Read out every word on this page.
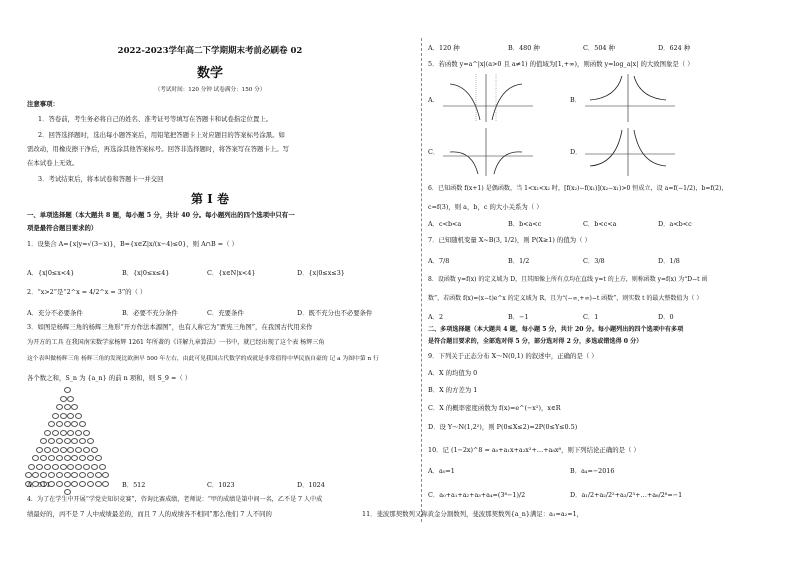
2022-2023学年高二下学期期末考前必刷卷 02
数学
（考试时间：120 分钟 试卷满分：150 分）
注意事项：
1．答卷前，考生务必将自己的姓名、准考证号等填写在答题卡和试卷指定位置上。
2．回答选择题时，选出每小题答案后，用铅笔把答题卡上对应题目的答案标号涂黑。如
需改动，用橡皮擦干净后，再选涂其他答案标号。回答非选择题时，将答案写在答题卡上。写
在本试卷上无效。
3．考试结束后，将本试卷和答题卡一并交回
第 I 卷
一、单项选择题（本大题共 8 题，每小题 5 分，共计 40 分。每小题列出的四个选项中只有一
项是最符合题目要求的）
1．设集合 A={x|y=√(3−x)}，B={x∈Z|x/(x−4)≤0}，则 A∩B =（ ）
A．{x|0≤x<4}	B．{x|0≤x≤4}	C．{x∈N|x<4}	D．{x|0≤x≤3}
2．“x>2”是“2^x = 4/2^x = 3”的（ ）
A．充分不必要条件	B．必要不充分条件	C．充要条件	D．既不充分也不必要条件
3．如图是杨辉三角的杨辉三角形“开方作法本源图”，也有人称它为“贾宪三角图”，在我国古代用来作
为开方的工具 在我国南宋数学家杨辉 1261 年所著的《详解九章算法》一书中，就已经出现了这个表 杨辉三角
这个表叫做杨辉三角 杨辉三角的发现比欧洲早 500 年左右，由此可见我国古代数学的成就是非常值得中华民族自豪的 记 a 为图中第 n 行
各个数之和，S_n 为 {a_n} 的前 n 项和，则 S_9 =（ ）
A．511	B．512	C．1023	D．1024
4．为了在学生中开展“学党史知识竞赛”，咨询比赛成绩，老师说：“甲的成绩是第中间一名，乙不是 7 人中成
绩最好的，丙不是 7 人中成绩最差的，而且 7 人的成绩各不相同”那么他们 7 人不同的
A．120 种	B．480 种	C．504 种	D．624 种
5．若函数 y=a^|x|(a>0 且 a≠1) 的值域为[1,+∞)，则函数 y=log_a|x| 的大致图象是（ ）
A．	B．
C．	D．
6．已知函数 f(x+1) 是偶函数，当 1<x₁<x₂ 时，[f(x₂)−f(x₁)](x₂−x₁)>0 恒成立，设 a=f(−1/2)，b=f(2)，
c=f(3)，则 a，b，c 的大小关系为（ ）
A．c<b<a	B．b<a<c	C．b<c<a	D．a<b<c
7．已知随机变量 X~B(3, 1/2)，则 P(X≥1) 的值为（ ）
A．7/8	B．1/2	C．3/8	D．1/8
8．设函数 y=f(x) 的定义域为 D，且其图像上所有点均在直线 y=t 的上方，则称函数 y=f(x) 为“D−t 函
数”，若函数 f(x)=(x−t)e^x 的定义域为 R，且为“(−∞,+∞)−t 函数”，则实数 t 的最大整数值为（ ）
A．2	B．−1	C．1	D．0
二、多项选择题（本大题共 4 题，每小题 5 分，共计 20 分。每小题列出的四个选项中有多项
是符合题目要求的，全部选对得 5 分，部分选对得 2 分，多选或错选得 0 分）
9．下列关于正态分布 X～N(0,1) 的叙述中，正确的是（ ）
A．X 的均值为 0
B．X 的方差为 1
C．X 的概率密度函数为 f(x)=e^(−x²)，x∈R
D．设 Y～N(1,2²)，则 P(0≤X≤2)=2P(0≤Y≤0.5)
10．记 (1−2x)^8 = a₀+a₁x+a₂x²+…+a₈x⁸，则下列结论正确的是（ ）
A．a₀=1	B．a₄=−2016
C．a₀+a₁+a₂+a₃+a₄=(3⁸−1)/2	D．a₁/2+a₂/2²+a₃/2³+…+a₈/2⁸=−1
11．斐波那契数列又称黄金分割数列，斐波那契数列{a_n}满足：a₁=a₂=1，
